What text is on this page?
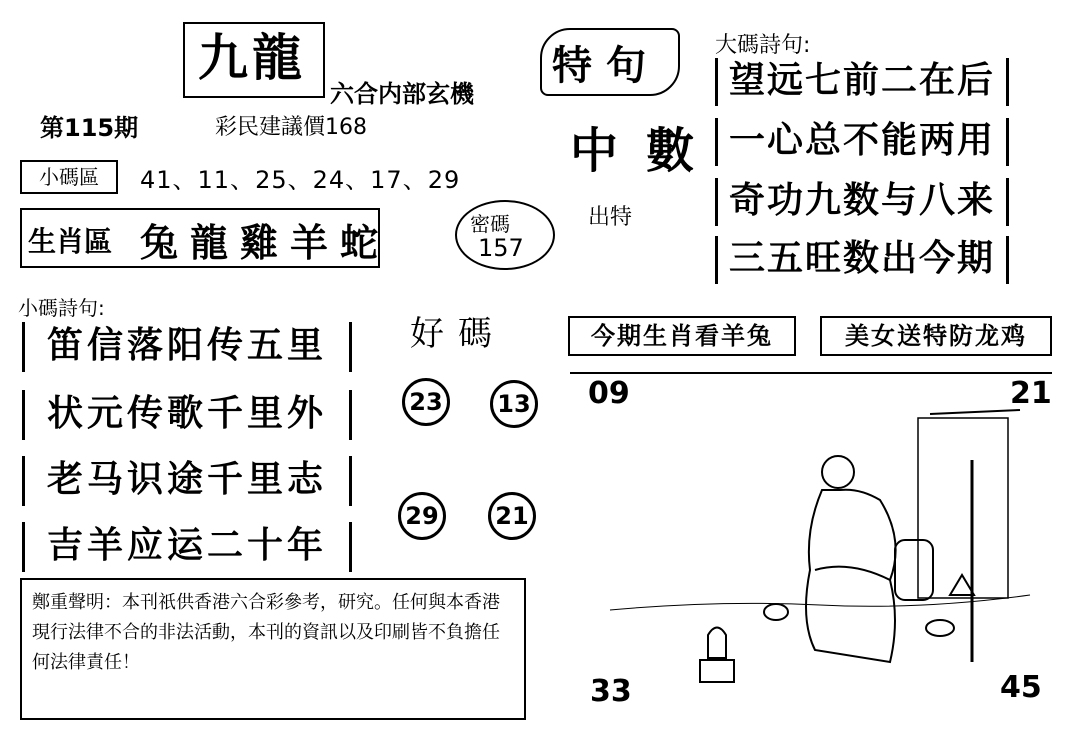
九龍
六合内部玄機
第115期	彩民建議價168
小碼區	41、11、25、24、17、29
生肖區 兔龍雞羊蛇	密碼
157
特句
中數
出特
大碼詩句:
望远七前二在后
一心总不能两用
奇功九数与八来
三五旺数出今期
小碼詩句:
笛信落阳传五里
状元传歌千里外
老马识途千里志
吉羊应运二十年
好碼
23	13
29	21
今期生肖看羊兔	美女送特防龙鸡
09	21
33	45
鄭重聲明：本刊祇供香港六合彩參考，研究。任何與本香港現行法律不合的非法活動，本刊的資訊以及印刷皆不負擔任何法律責任！
